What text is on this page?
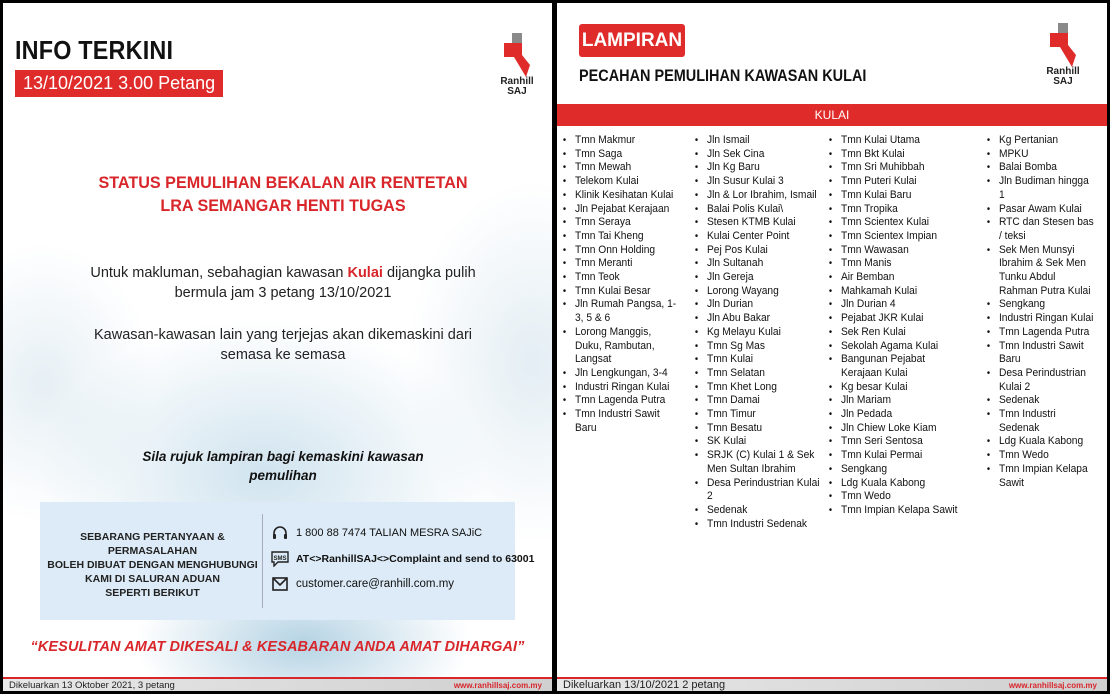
INFO TERKINI
13/10/2021 3.00 Petang	Ranhill
SAJ
STATUS PEMULIHAN BEKALAN AIR RENTETAN
LRA SEMANGAR HENTI TUGAS
Untuk makluman, sebahagian kawasan Kulai dijangka pulih bermula jam 3 petang 13/10/2021
Kawasan-kawasan lain yang terjejas akan dikemaskini dari semasa ke semasa
Sila rujuk lampiran bagi kemaskini kawasan pemulihan
SEBARANG PERTANYAAN & PERMASALAHAN
BOLEH DIBUAT DENGAN MENGHUBUNGI
KAMI DI SALURAN ADUAN
SEPERTI BERIKUT
1 800 88 7474 TALIAN MESRA SAJiC
SMS AT<>RanhillSAJ<>Complaint and send to 63001
customer.care@ranhill.com.my
“KESULITAN AMAT DIKESALI & KESABARAN ANDA AMAT DIHARGAI”
Dikeluarkan 13 Oktober 2021, 3 petang	www.ranhillsaj.com.my
LAMPIRAN
PECAHAN PEMULIHAN KAWASAN KULAI	Ranhill
SAJ
KULAI
• Tmn Makmur
• Tmn Saga
• Tmn Mewah
• Telekom Kulai
• Klinik Kesihatan Kulai
• Jln Pejabat Kerajaan
• Tmn Seraya
• Tmn Tai Kheng
• Tmn Onn Holding
• Tmn Meranti
• Tmn Teok
• Tmn Kulai Besar
• Jln Rumah Pangsa, 1-3, 5 & 6
• Lorong Manggis, Duku, Rambutan, Langsat
• Jln Lengkungan, 3-4
• Industri Ringan Kulai
• Tmn Lagenda Putra
• Tmn Industri Sawit Baru
• Jln Ismail
• Jln Sek Cina
• Jln Kg Baru
• Jln Susur Kulai 3
• Jln & Lor Ibrahim, Ismail
• Balai Polis Kulai\
• Stesen KTMB Kulai
• Kulai Center Point
• Pej Pos Kulai
• Jln Sultanah
• Jln Gereja
• Lorong Wayang
• Jln Durian
• Jln Abu Bakar
• Kg Melayu Kulai
• Tmn Sg Mas
• Tmn Kulai
• Tmn Selatan
• Tmn Khet Long
• Tmn Damai
• Tmn Timur
• Tmn Besatu
• SK Kulai
• SRJK (C) Kulai 1 & Sek Men Sultan Ibrahim
• Desa Perindustrian Kulai 2
• Sedenak
• Tmn Industri Sedenak
• Tmn Kulai Utama
• Tmn Bkt Kulai
• Tmn Sri Muhibbah
• Tmn Puteri Kulai
• Tmn Kulai Baru
• Tmn Tropika
• Tmn Scientex Kulai
• Tmn Scientex Impian
• Tmn Wawasan
• Tmn Manis
• Air Bemban
• Mahkamah Kulai
• Jln Durian 4
• Pejabat JKR Kulai
• Sek Ren Kulai
• Sekolah Agama Kulai
• Bangunan Pejabat Kerajaan Kulai
• Kg besar Kulai
• Jln Mariam
• Jln Pedada
• Jln Chiew Loke Kiam
• Tmn Seri Sentosa
• Tmn Kulai Permai
• Sengkang
• Ldg Kuala Kabong
• Tmn Wedo
• Tmn Impian Kelapa Sawit
• Kg Pertanian
• MPKU
• Balai Bomba
• Jln Budiman hingga 1
• Pasar Awam Kulai
• RTC dan Stesen bas / teksi
• Sek Men Munsyi Ibrahim & Sek Men Tunku Abdul Rahman Putra Kulai
• Sengkang
• Industri Ringan Kulai
• Tmn Lagenda Putra
• Tmn Industri Sawit Baru
• Desa Perindustrian Kulai 2
• Sedenak
• Tmn Industri Sedenak
• Ldg Kuala Kabong
• Tmn Wedo
• Tmn Impian Kelapa Sawit
Dikeluarkan 13/10/2021 2 petang	www.ranhillsaj.com.my
